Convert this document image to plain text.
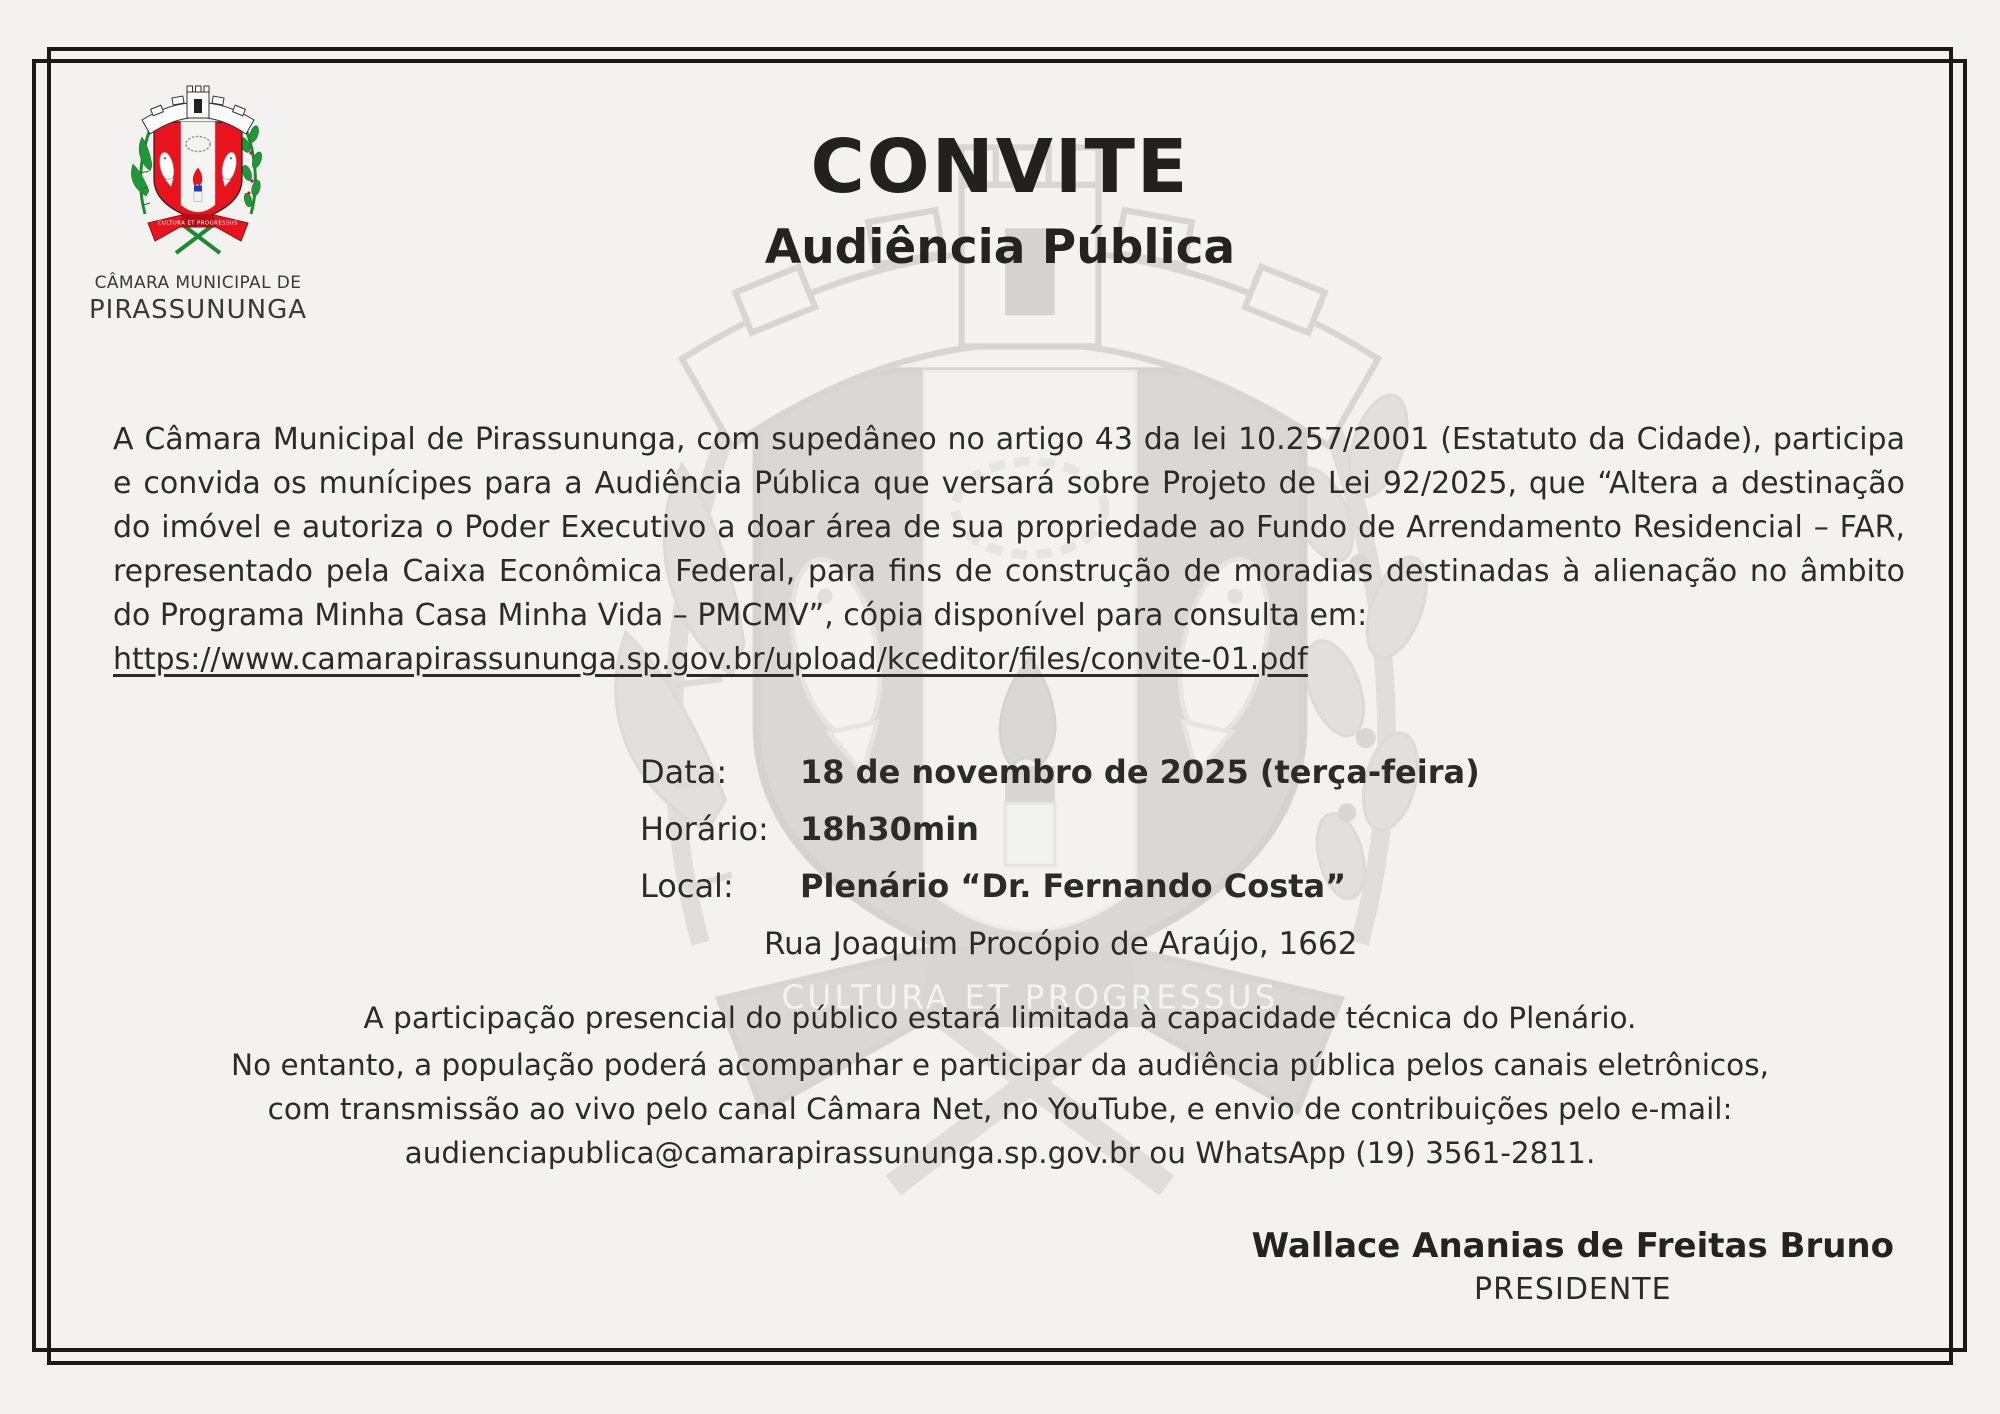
CÂMARA MUNICIPAL DE
PIRASSUNUNGA
CONVITE
Audiência Pública
A Câmara Municipal de Pirassununga, com supedâneo no artigo 43 da lei 10.257/2001 (Estatuto da Cidade), participa e convida os munícipes para a Audiência Pública que versará sobre Projeto de Lei 92/2025, que “Altera a destinação do imóvel e autoriza o Poder Executivo a doar área de sua propriedade ao Fundo de Arrendamento Residencial – FAR, representado pela Caixa Econômica Federal, para fins de construção de moradias destinadas à alienação no âmbito do Programa Minha Casa Minha Vida – PMCMV”, cópia disponível para consulta em:
https://www.camarapirassununga.sp.gov.br/upload/kceditor/files/convite-01.pdf
Data:	18 de novembro de 2025 (terça-feira)
Horário: 18h30min
Local:	Plenário “Dr. Fernando Costa”
Rua Joaquim Procópio de Araújo, 1662
A participação presencial do público estará limitada à capacidade técnica do Plenário.
No entanto, a população poderá acompanhar e participar da audiência pública pelos canais eletrônicos,
com transmissão ao vivo pelo canal Câmara Net, no YouTube, e envio de contribuições pelo e-mail:
audienciapublica@camarapirassununga.sp.gov.br ou WhatsApp (19) 3561-2811.
Wallace Ananias de Freitas Bruno
PRESIDENTE
